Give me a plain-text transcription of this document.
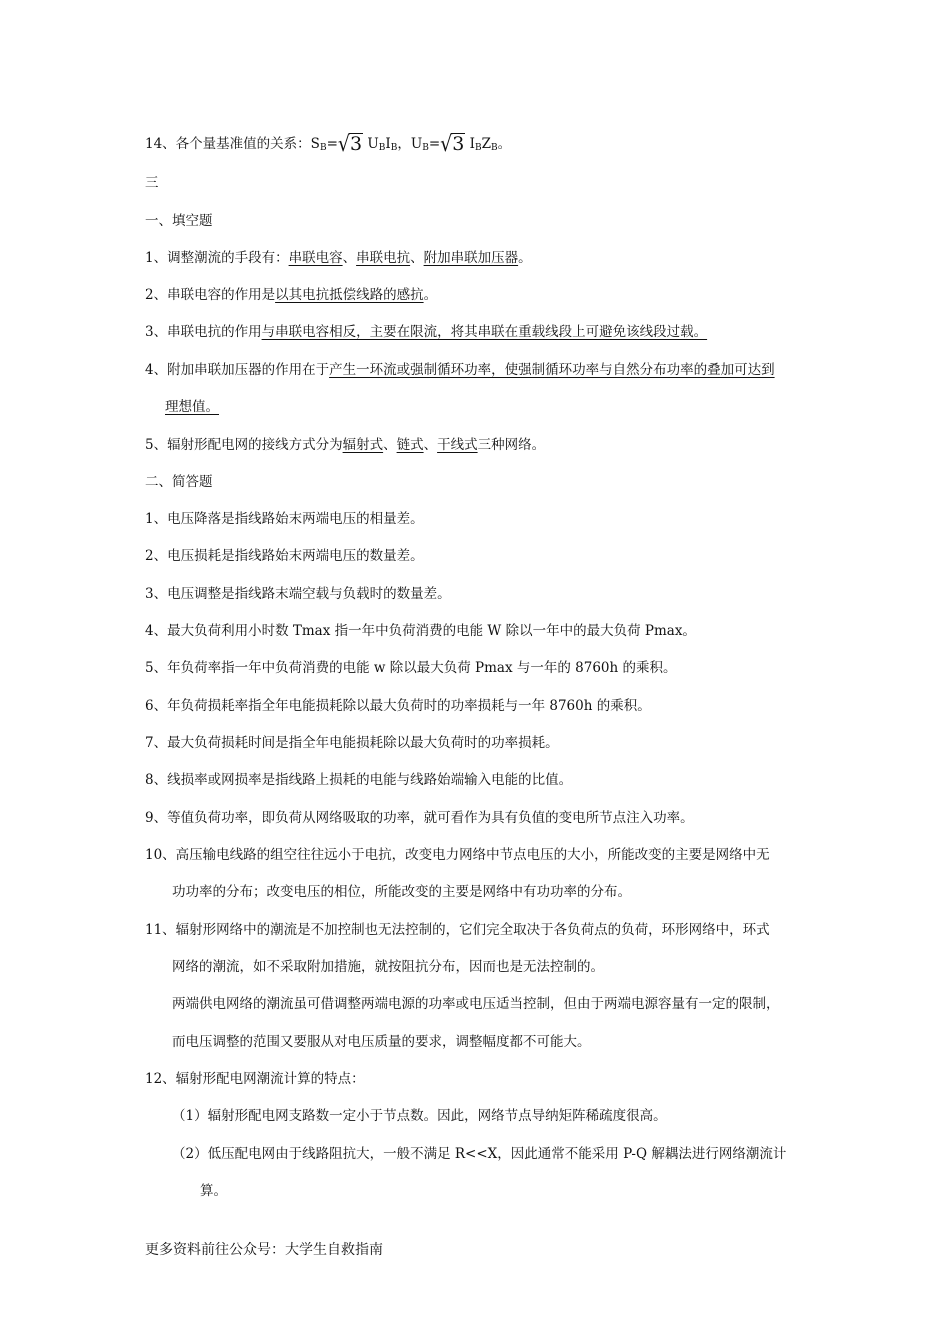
14、各个量基准值的关系：$S_B=√3$ $U_BI_B$，$U_B=√3$ $I_BZ_B$。
三
一、填空题
1、调整潮流的手段有：串联电容、串联电抗、附加串联加压器。
2、串联电容的作用是以其电抗抵偿线路的感抗。
3、串联电抗的作用与串联电容相反，主要在限流，将其串联在重载线段上可避免该线段过载。
4、附加串联加压器的作用在于产生一环流或强制循环功率，使强制循环功率与自然分布功率的叠加可达到
理想值。
5、辐射形配电网的接线方式分为辐射式、链式、干线式三种网络。
二、简答题
1、电压降落是指线路始末两端电压的相量差。
2、电压损耗是指线路始末两端电压的数量差。
3、电压调整是指线路末端空载与负载时的数量差。
4、最大负荷利用小时数 Tmax 指一年中负荷消费的电能 W 除以一年中的最大负荷 Pmax。
5、年负荷率指一年中负荷消费的电能 w 除以最大负荷 Pmax 与一年的 8760h 的乘积。
6、年负荷损耗率指全年电能损耗除以最大负荷时的功率损耗与一年 8760h 的乘积。
7、最大负荷损耗时间是指全年电能损耗除以最大负荷时的功率损耗。
8、线损率或网损率是指线路上损耗的电能与线路始端输入电能的比值。
9、等值负荷功率，即负荷从网络吸取的功率，就可看作为具有负值的变电所节点注入功率。
10、高压输电线路的组空往往远小于电抗，改变电力网络中节点电压的大小，所能改变的主要是网络中无
功功率的分布；改变电压的相位，所能改变的主要是网络中有功功率的分布。
11、辐射形网络中的潮流是不加控制也无法控制的，它们完全取决于各负荷点的负荷，环形网络中，环式
网络的潮流，如不采取附加措施，就按阻抗分布，因而也是无法控制的。
两端供电网络的潮流虽可借调整两端电源的功率或电压适当控制，但由于两端电源容量有一定的限制，
而电压调整的范围又要服从对电压质量的要求，调整幅度都不可能大。
12、辐射形配电网潮流计算的特点：
（1）辐射形配电网支路数一定小于节点数。因此，网络节点导纳矩阵稀疏度很高。
（2）低压配电网由于线路阻抗大，一般不满足 R<<X，因此通常不能采用 P-Q 解耦法进行网络潮流计
算。
更多资料前往公众号：大学生自救指南
